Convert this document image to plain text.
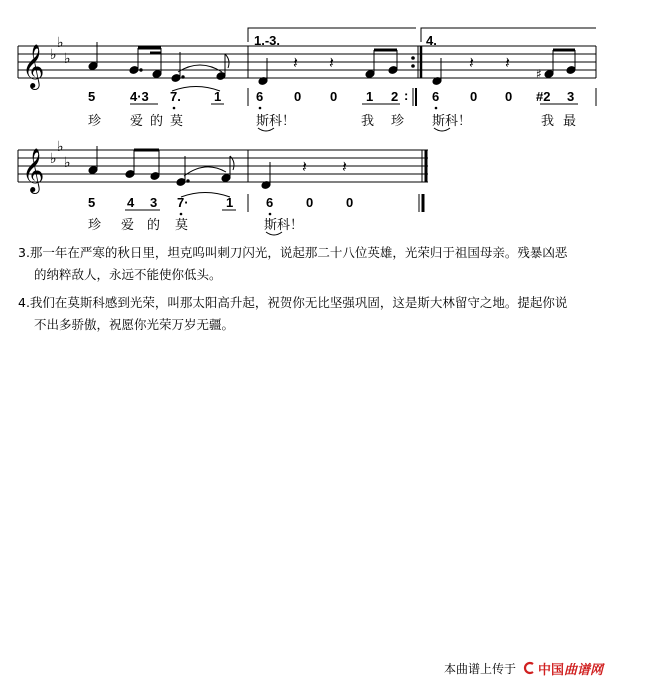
𝄞 ♭
♭
♭
1.-3.
𝄽 𝄽
4.
♯
𝄽 𝄽
5	4·3 7.	1	6 0 0 1 2 : 6 0 0 #2 3
珍 爱 的 莫	斯科！	我 珍 斯科！	我 最
𝄞 ♭
♭
♭	𝄽 𝄽
5 4 3 7·	1	6	0	0
珍 爱 的 莫	斯科！

3.那一年在严寒的秋日里，坦克呜叫刺刀闪光，说起那二十八位英雄，光荣归于祖国母亲。残暴凶恶

的纳粹敌人，永远不能使你低头。

4.我们在莫斯科感到光荣，叫那太阳高升起，祝贺你无比坚强巩固，这是斯大林留守之地。提起你说

不出多骄傲，祝愿你光荣万岁无疆。

本曲谱上传于 中国 曲谱网
